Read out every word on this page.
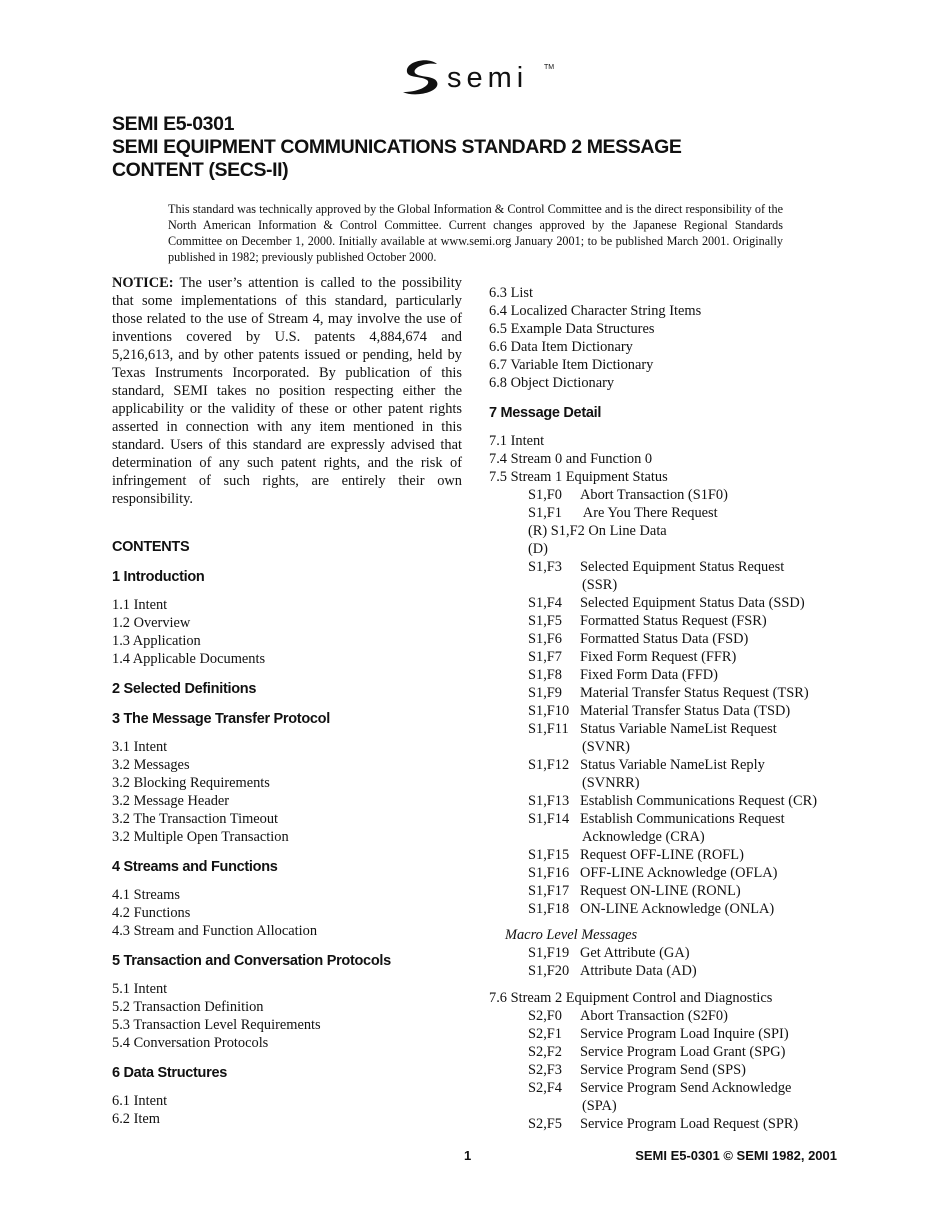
semi TM
SEMI E5-0301
SEMI EQUIPMENT COMMUNICATIONS STANDARD 2 MESSAGE
CONTENT (SECS-II)
This standard was technically approved by the Global Information & Control Committee and is the direct responsibility of the North American Information & Control Committee. Current changes approved by the Japanese Regional Standards Committee on December 1, 2000. Initially available at www.semi.org January 2001; to be published March 2001. Originally published in 1982; previously published October 2000.

NOTICE: The user’s attention is called to the possibility that some implementations of this standard, particularly those related to the use of Stream 4, may involve the use of inventions covered by U.S. patents 4,884,674 and 5,216,613, and by other patents issued or pending, held by Texas Instruments Incorporated. By publication of this standard, SEMI takes no position respecting either the applicability or the validity of these or other patent rights asserted in connection with any item mentioned in this standard. Users of this standard are expressly advised that determination of any such patent rights, and the risk of infringement of such rights, are entirely their own responsibility.

CONTENTS
1 Introduction
1.1 Intent
1.2 Overview
1.3 Application
1.4 Applicable Documents
2 Selected Definitions
3 The Message Transfer Protocol
3.1 Intent
3.2 Messages
3.2 Blocking Requirements
3.2 Message Header
3.2 The Transaction Timeout
3.2 Multiple Open Transaction
4 Streams and Functions
4.1 Streams
4.2 Functions
4.3 Stream and Function Allocation
5 Transaction and Conversation Protocols
5.1 Intent
5.2 Transaction Definition
5.3 Transaction Level Requirements
5.4 Conversation Protocols
6 Data Structures
6.1 Intent
6.2 Item
6.3 List
6.4 Localized Character String Items
6.5 Example Data Structures
6.6 Data Item Dictionary
6.7 Variable Item Dictionary
6.8 Object Dictionary
7 Message Detail
7.1 Intent
7.4 Stream 0 and Function 0
7.5 Stream 1 Equipment Status
S1,F0 Abort Transaction (S1F0)
S1,F1 Are You There Request
(R) S1,F2 On Line Data
(D)
S1,F3 Selected Equipment Status Request
(SSR)
S1,F4 Selected Equipment Status Data (SSD)
S1,F5 Formatted Status Request (FSR)
S1,F6 Formatted Status Data (FSD)
S1,F7 Fixed Form Request (FFR)
S1,F8 Fixed Form Data (FFD)
S1,F9 Material Transfer Status Request (TSR)
S1,F10 Material Transfer Status Data (TSD)
S1,F11 Status Variable NameList Request
(SVNR)
S1,F12 Status Variable NameList Reply
(SVNRR)
S1,F13 Establish Communications Request (CR)
S1,F14 Establish Communications Request
Acknowledge (CRA)
S1,F15 Request OFF-LINE (ROFL)
S1,F16 OFF-LINE Acknowledge (OFLA)
S1,F17 Request ON-LINE (RONL)
S1,F18 ON-LINE Acknowledge (ONLA)
Macro Level Messages
S1,F19 Get Attribute (GA)
S1,F20 Attribute Data (AD)
7.6 Stream 2 Equipment Control and Diagnostics
S2,F0 Abort Transaction (S2F0)
S2,F1 Service Program Load Inquire (SPI)
S2,F2 Service Program Load Grant (SPG)
S2,F3 Service Program Send (SPS)
S2,F4 Service Program Send Acknowledge
(SPA)
S2,F5 Service Program Load Request (SPR)
1	SEMI E5-0301 © SEMI 1982, 2001
